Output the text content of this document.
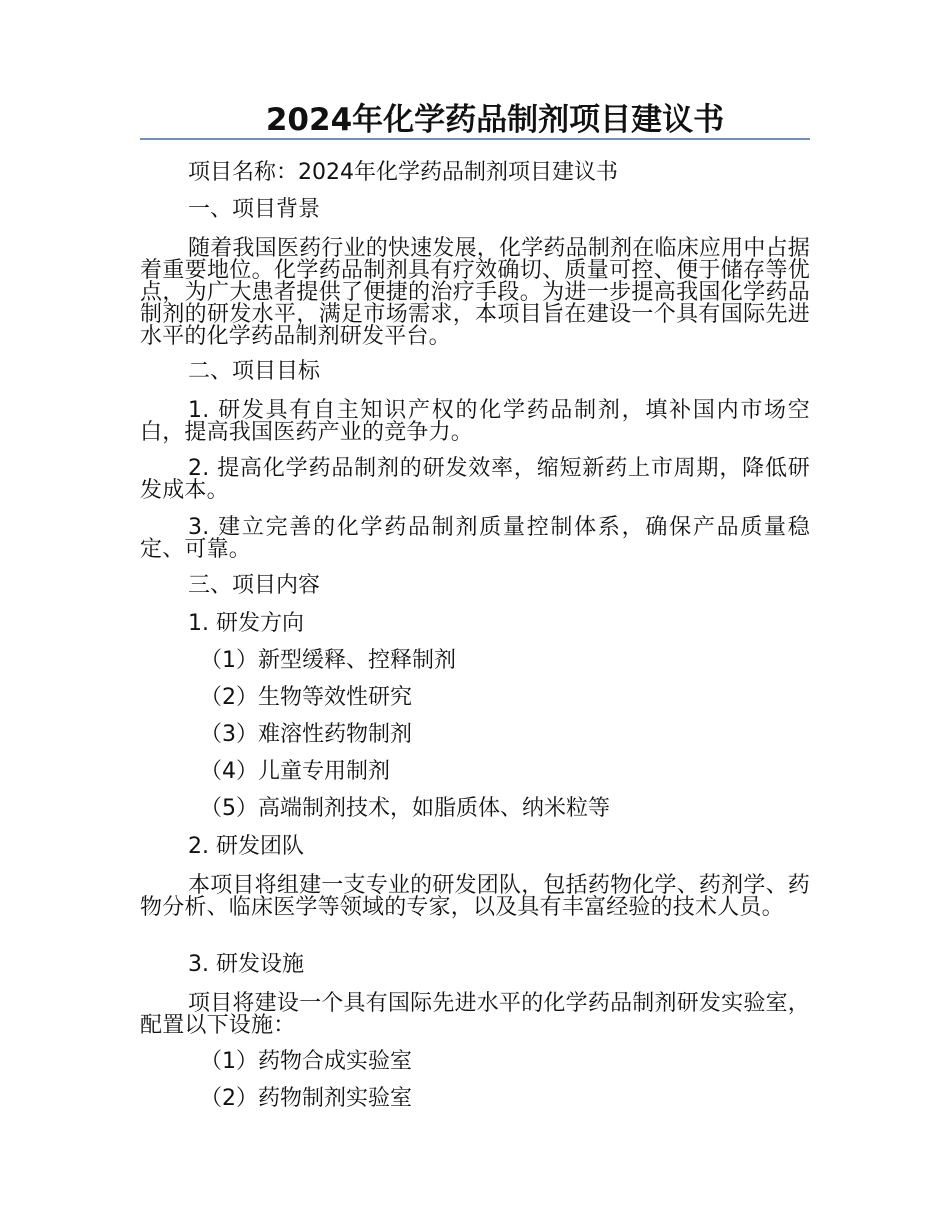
2024年化学药品制剂项目建议书
项目名称：2024年化学药品制剂项目建议书
一、项目背景
随着我国医药行业的快速发展，化学药品制剂在临床应用中占据着重要地位。化学药品制剂具有疗效确切、质量可控、便于储存等优点，为广大患者提供了便捷的治疗手段。为进一步提高我国化学药品制剂的研发水平，满足市场需求，本项目旨在建设一个具有国际先进水平的化学药品制剂研发平台。
二、项目目标
1. 研发具有自主知识产权的化学药品制剂，填补国内市场空白，提高我国医药产业的竞争力。
2. 提高化学药品制剂的研发效率，缩短新药上市周期，降低研发成本。
3. 建立完善的化学药品制剂质量控制体系，确保产品质量稳定、可靠。
三、项目内容
1. 研发方向
（1）新型缓释、控释制剂
（2）生物等效性研究
（3）难溶性药物制剂
（4）儿童专用制剂
（5）高端制剂技术，如脂质体、纳米粒等
2. 研发团队
本项目将组建一支专业的研发团队，包括药物化学、药剂学、药物分析、临床医学等领域的专家，以及具有丰富经验的技术人员。
3. 研发设施
项目将建设一个具有国际先进水平的化学药品制剂研发实验室，配置以下设施：
（1）药物合成实验室
（2）药物制剂实验室
